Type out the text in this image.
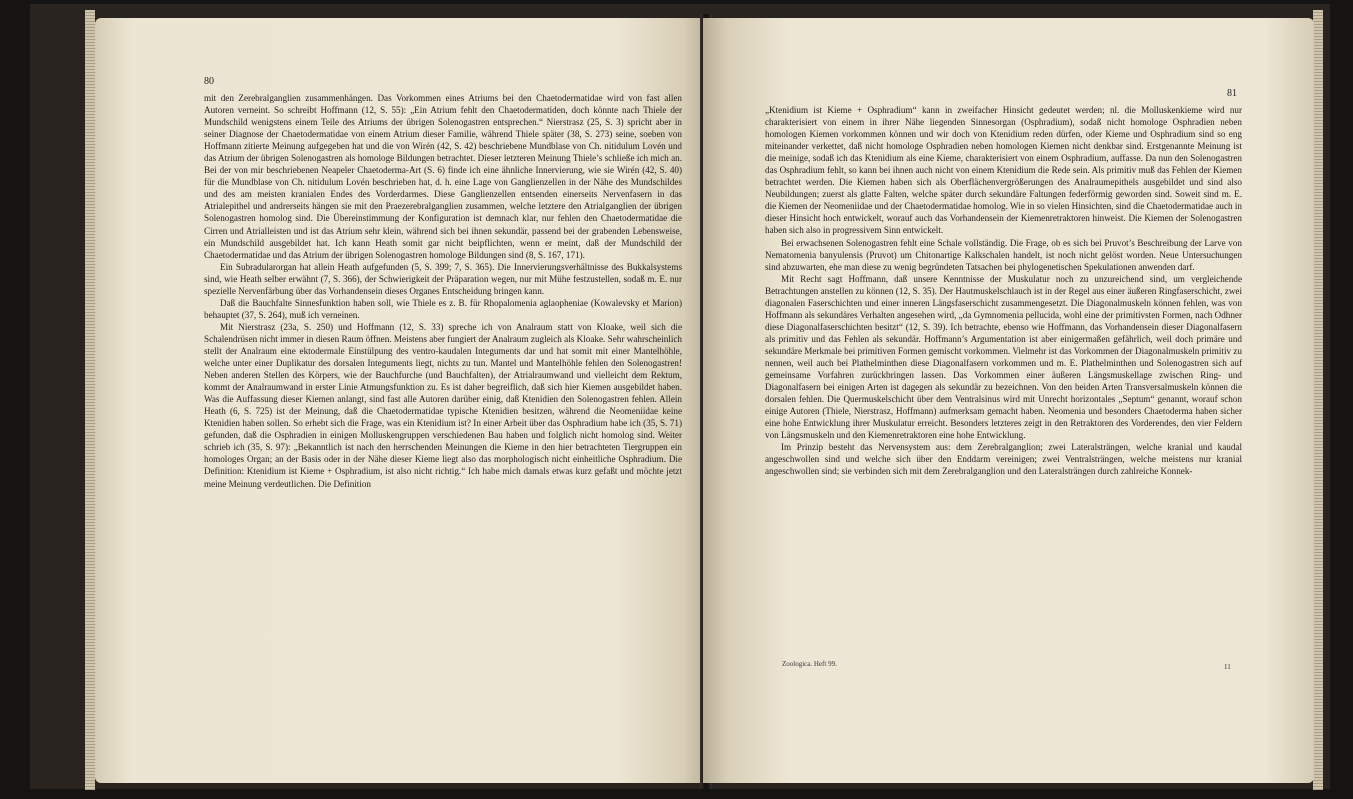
80

mit den Zerebralganglien zusammenhängen. Das Vorkommen eines Atriums bei den Chaetodermatidae wird von fast allen Autoren verneint. So schreibt Hoffmann (12, S. 55): „Ein Atrium fehlt den Chaetodermatiden, doch könnte nach Thiele der Mundschild wenigstens einem Teile des Atriums der übrigen Solenogastren entsprechen.“ Nierstrasz (25, S. 3) spricht aber in seiner Diagnose der Chaetodermatidae von einem Atrium dieser Familie, während Thiele später (38, S. 273) seine, soeben von Hoffmann zitierte Meinung aufgegeben hat und die von Wirén (42, S. 42) beschriebene Mundblase von Ch. nitidulum Lovén und das Atrium der übrigen Solenogastren als homologe Bildungen betrachtet. Dieser letzteren Meinung Thiele’s schließe ich mich an. Bei der von mir beschriebenen Neapeler Chaetoderma-Art (S. 6) finde ich eine ähnliche Innervierung, wie sie Wirén (42, S. 40) für die Mundblase von Ch. nitidulum Lovén beschrieben hat, d. h. eine Lage von Ganglienzellen in der Nähe des Mundschildes und des am meisten kranialen Endes des Vorderdarmes. Diese Ganglienzellen entsenden einerseits Nervenfasern in das Atrialepithel und andrerseits hängen sie mit den Praezerebralganglien zusammen, welche letztere den Atrialganglien der übrigen Solenogastren homolog sind. Die Übereinstimmung der Konfiguration ist demnach klar, nur fehlen den Chaetodermatidae die Cirren und Atrialleisten und ist das Atrium sehr klein, während sich bei ihnen sekundär, passend bei der grabenden Lebensweise, ein Mundschild ausgebildet hat. Ich kann Heath somit gar nicht beipflichten, wenn er meint, daß der Mundschild der Chaetodermatidae und das Atrium der übrigen Solenogastren homologe Bildungen sind (8, S. 167, 171).

Ein Subradularorgan hat allein Heath aufgefunden (5, S. 399; 7, S. 365). Die Innervierungsverhältnisse des Bukkalsystems sind, wie Heath selber erwähnt (7, S. 366), der Schwierigkeit der Präparation wegen, nur mit Mühe festzustellen, sodaß m. E. nur spezielle Nervenfärbung über das Vorhandensein dieses Organes Entscheidung bringen kann.

Daß die Bauchfalte Sinnesfunktion haben soll, wie Thiele es z. B. für Rhopalomenia aglaopheniae (Kowalevsky et Marion) behauptet (37, S. 264), muß ich verneinen.

Mit Nierstrasz (23a, S. 250) und Hoffmann (12, S. 33) spreche ich von Analraum statt von Kloake, weil sich die Schalendrüsen nicht immer in diesen Raum öffnen. Meistens aber fungiert der Analraum zugleich als Kloake. Sehr wahrscheinlich stellt der Analraum eine ektodermale Einstülpung des ventro-kaudalen Integuments dar und hat somit mit einer Mantelhöhle, welche unter einer Duplikatur des dorsalen Integuments liegt, nichts zu tun. Mantel und Mantelhöhle fehlen den Solenogastren! Neben anderen Stellen des Körpers, wie der Bauchfurche (und Bauchfalten), der Atrialraumwand und vielleicht dem Rektum, kommt der Analraumwand in erster Linie Atmungsfunktion zu. Es ist daher begreiflich, daß sich hier Kiemen ausgebildet haben. Was die Auffassung dieser Kiemen anlangt, sind fast alle Autoren darüber einig, daß Ktenidien den Solenogastren fehlen. Allein Heath (6, S. 725) ist der Meinung, daß die Chaetodermatidae typische Ktenidien besitzen, während die Neomeniidae keine Ktenidien haben sollen. So erhebt sich die Frage, was ein Ktenidium ist? In einer Arbeit über das Osphradium habe ich (35, S. 71) gefunden, daß die Osphradien in einigen Molluskengruppen verschiedenen Bau haben und folglich nicht homolog sind. Weiter schrieb ich (35, S. 97): „Bekanntlich ist nach den herrschenden Meinungen die Kieme in den hier betrachteten Tiergruppen ein homologes Organ; an der Basis oder in der Nähe dieser Kieme liegt also das morphologisch nicht einheitliche Osphradium. Die Definition: Ktenidium ist Kieme + Osphradium, ist also nicht richtig.“ Ich habe mich damals etwas kurz gefaßt und möchte jetzt meine Meinung verdeutlichen. Die Definition

81

„Ktenidium ist Kieme + Osphradium“ kann in zweifacher Hinsicht gedeutet werden; nl. die Molluskenkieme wird nur charakterisiert von einem in ihrer Nähe liegenden Sinnesorgan (Osphradium), sodaß nicht homologe Osphradien neben homologen Kiemen vorkommen können und wir doch von Ktenidium reden dürfen, oder Kieme und Osphradium sind so eng miteinander verkettet, daß nicht homologe Osphradien neben homologen Kiemen nicht denkbar sind. Erstgenannte Meinung ist die meinige, sodaß ich das Ktenidium als eine Kieme, charakterisiert von einem Osphradium, auffasse. Da nun den Solenogastren das Osphradium fehlt, so kann bei ihnen auch nicht von einem Ktenidium die Rede sein. Als primitiv muß das Fehlen der Kiemen betrachtet werden. Die Kiemen haben sich als Oberflächenvergrößerungen des Analraumepithels ausgebildet und sind also Neubildungen; zuerst als glatte Falten, welche später durch sekundäre Faltungen federförmig geworden sind. Soweit sind m. E. die Kiemen der Neomeniidae und der Chaetodermatidae homolog. Wie in so vielen Hinsichten, sind die Chaetodermatidae auch in dieser Hinsicht hoch entwickelt, worauf auch das Vorhandensein der Kiemenretraktoren hinweist. Die Kiemen der Solenogastren haben sich also in progressivem Sinn entwickelt.

Bei erwachsenen Solenogastren fehlt eine Schale vollständig. Die Frage, ob es sich bei Pruvot’s Beschreibung der Larve von Nematomenia banyulensis (Pruvot) um Chitonartige Kalkschalen handelt, ist noch nicht gelöst worden. Neue Untersuchungen sind abzuwarten, ehe man diese zu wenig begründeten Tatsachen bei phylogenetischen Spekulationen anwenden darf.

Mit Recht sagt Hoffmann, daß unsere Kenntnisse der Muskulatur noch zu unzureichend sind, um vergleichende Betrachtungen anstellen zu können (12, S. 35). Der Hautmuskelschlauch ist in der Regel aus einer äußeren Ringfaserschicht, zwei diagonalen Faserschichten und einer inneren Längsfaserschicht zusammengesetzt. Die Diagonalmuskeln können fehlen, was von Hoffmann als sekundäres Verhalten angesehen wird, „da Gymnomenia pellucida, wohl eine der primitivsten Formen, nach Odhner diese Diagonalfaserschichten besitzt“ (12, S. 39). Ich betrachte, ebenso wie Hoffmann, das Vorhandensein dieser Diagonalfasern als primitiv und das Fehlen als sekundär. Hoffmann’s Argumentation ist aber einigermaßen gefährlich, weil doch primäre und sekundäre Merkmale bei primitiven Formen gemischt vorkommen. Vielmehr ist das Vorkommen der Diagonalmuskeln primitiv zu nennen, weil auch bei Plathelminthen diese Diagonalfasern vorkommen und m. E. Plathelminthen und Solenogastren sich auf gemeinsame Vorfahren zurückbringen lassen. Das Vorkommen einer äußeren Längsmuskellage zwischen Ring- und Diagonalfasern bei einigen Arten ist dagegen als sekundär zu bezeichnen. Von den beiden Arten Transversalmuskeln können die dorsalen fehlen. Die Quermuskelschicht über dem Ventralsinus wird mit Unrecht horizontales „Septum“ genannt, worauf schon einige Autoren (Thiele, Nierstrasz, Hoffmann) aufmerksam gemacht haben. Neomenia und besonders Chaetoderma haben sicher eine hohe Entwicklung ihrer Muskulatur erreicht. Besonders letzteres zeigt in den Retraktoren des Vorderendes, den vier Feldern von Längsmuskeln und den Kiemenretraktoren eine hohe Entwicklung.

Im Prinzip besteht das Nervensystem aus: dem Zerebralganglion; zwei Lateralsträngen, welche kranial und kaudal angeschwollen sind und welche sich über den Enddarm vereinigen; zwei Ventralsträngen, welche meistens nur kranial angeschwollen sind; sie verbinden sich mit dem Zerebralganglion und den Lateralsträngen durch zahlreiche Konnek-

Zoologica. Heft 99.	11
